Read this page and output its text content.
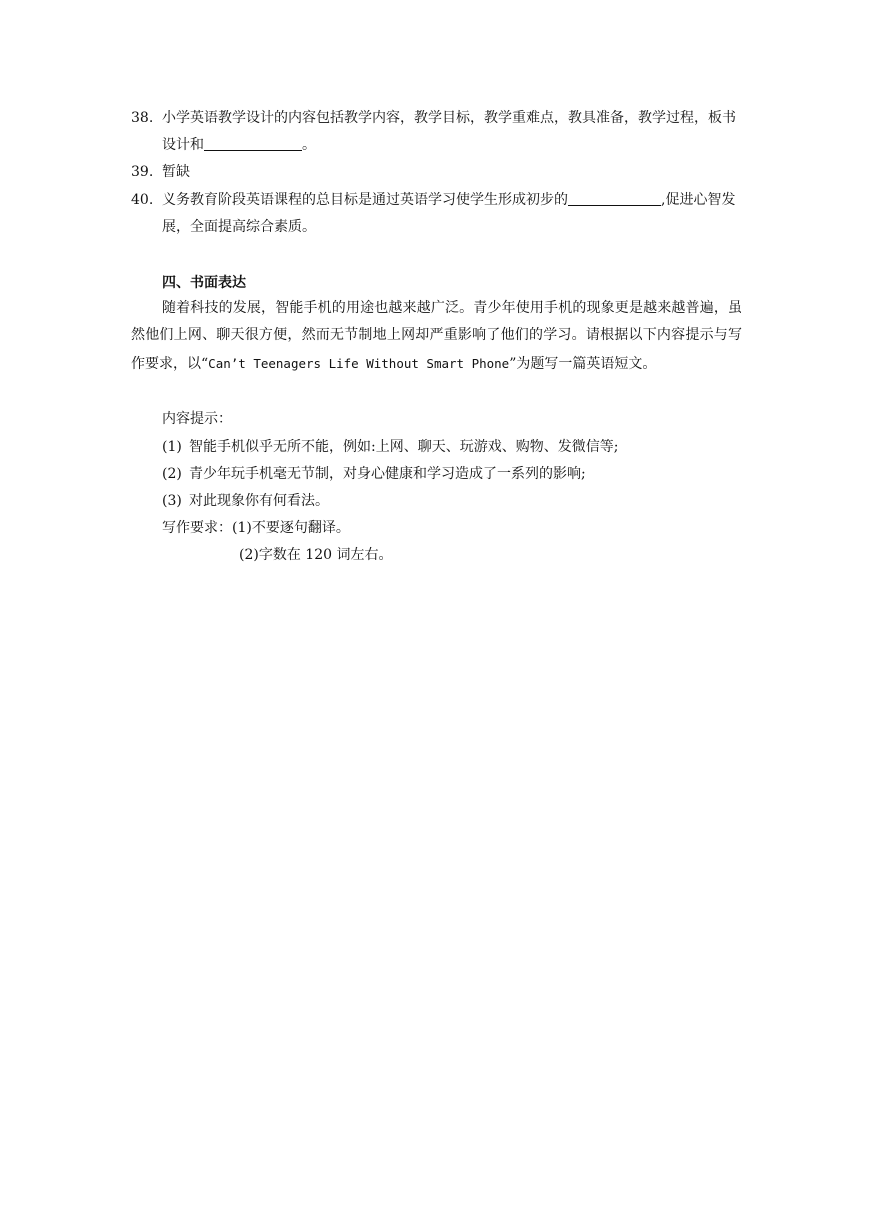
38. 小学英语教学设计的内容包括教学内容，教学目标，教学重难点，教具准备，教学过程，板书设计和	。
39. 暂缺
40. 义务教育阶段英语课程的总目标是通过英语学习使学生形成初步的	,促进心智发展，全面提高综合素质。
四、书面表达
随着科技的发展，智能手机的用途也越来越广泛。青少年使用手机的现象更是越来越普遍，虽然他们上网、聊天很方便，然而无节制地上网却严重影响了他们的学习。请根据以下内容提示与写作要求，以“Can’t Teenagers Life Without Smart Phone”为题写一篇英语短文。
内容提示：
(1) 智能手机似乎无所不能，例如:上网、聊天、玩游戏、购物、发微信等;
(2) 青少年玩手机毫无节制，对身心健康和学习造成了一系列的影响;
(3) 对此现象你有何看法。
写作要求：(1)不要逐句翻译。
(2)字数在 120 词左右。
